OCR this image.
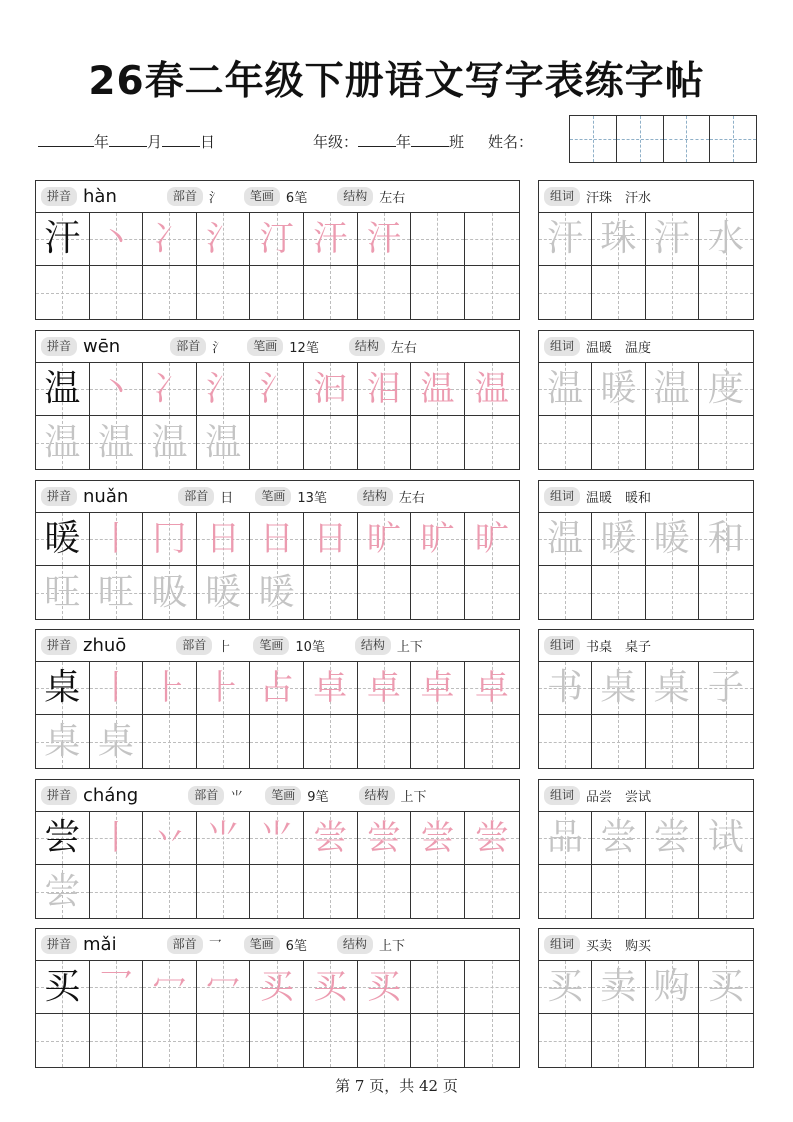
26春二年级下册语文写字表练字帖
年	月	日	年级：	年	班 姓名：
拼音 hàn	部首 氵	笔画 6笔	结构 左右
汗 丶 冫 氵 汀 汗 汗
组词 汗珠　汗水
汗 珠 汗 水
拼音 wēn	部首 氵	笔画 12笔	结构 左右
温 丶 冫 氵 氵 汩 泪 温 温
温 温 温 温
组词 温暖　温度
温 暖 温 度
拼音 nuǎn	部首 日	笔画 13笔	结构 左右
暖 丨 冂 日 日 日 旷 旷 旷
旺 旺 昅 暖 暖
组词 温暖　暖和
温 暖 暖 和
拼音 zhuō	部首 ⺊	笔画 10笔	结构 上下
桌 丨 ⺊ ⺊ 占 卓 卓 卓 卓
桌 桌
组词 书桌　桌子
书 桌 桌 子
拼音 cháng	部首 ⺌	笔画 9笔	结构 上下
尝 丨 丷 ⺌ ⺌ 尝 尝 尝 尝
尝
组词 品尝　尝试
品 尝 尝 试
拼音 mǎi	部首 乛	笔画 6笔	结构 上下
买 乛 冖 冖 买 买 买
组词 买卖　购买
买 卖 购 买
第 7 页，共 42 页
